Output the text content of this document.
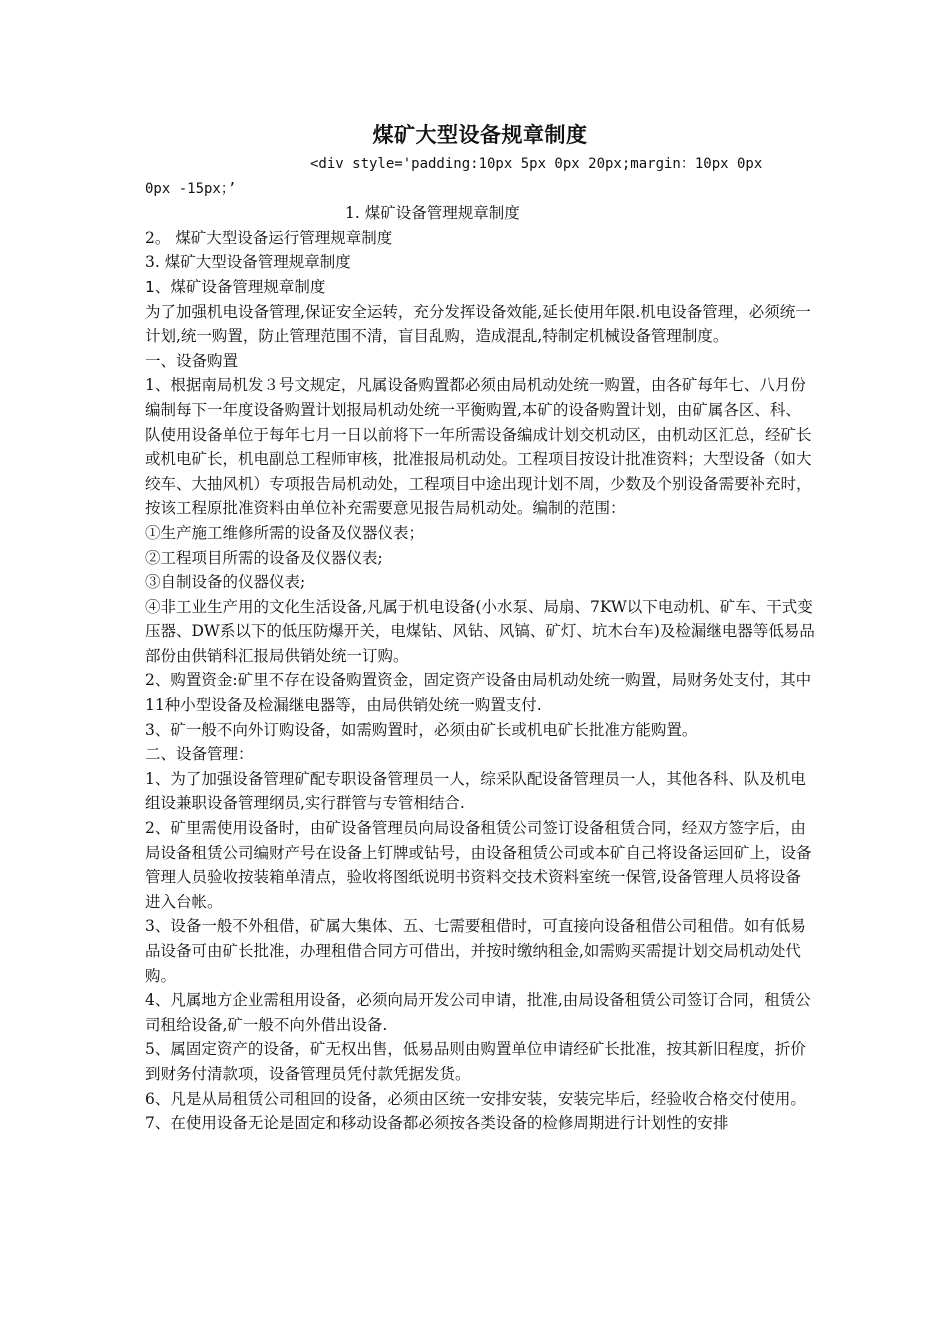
煤矿大型设备规章制度
<div style='padding:10px 5px 0px 20px;margin：10px 0px
0px -15px；’
1. 煤矿设备管理规章制度
2。 煤矿大型设备运行管理规章制度
3. 煤矿大型设备管理规章制度
1、煤矿设备管理规章制度

为了加强机电设备管理,保证安全运转，充分发挥设备效能,延长使用年限.机电设备管理，必须统一计划,统一购置，防止管理范围不清，盲目乱购，造成混乱,特制定机械设备管理制度。

一、设备购置

1、根据南局机发３号文规定，凡属设备购置都必须由局机动处统一购置，由各矿每年七、八月份编制每下一年度设备购置计划报局机动处统一平衡购置,本矿的设备购置计划，由矿属各区、科、队使用设备单位于每年七月一日以前将下一年所需设备编成计划交机动区，由机动区汇总，经矿长或机电矿长，机电副总工程师审核，批准报局机动处。工程项目按设计批准资料；大型设备（如大绞车、大抽风机）专项报告局机动处，工程项目中途出现计划不周，少数及个别设备需要补充时，按该工程原批准资料由单位补充需要意见报告局机动处。编制的范围：

①生产施工维修所需的设备及仪器仪表；

②工程项目所需的设备及仪器仪表;

③自制设备的仪器仪表;

④非工业生产用的文化生活设备,凡属于机电设备(小水泵、局扇、7KW以下电动机、矿车、干式变压器、DW系以下的低压防爆开关，电煤钻、风钻、风镐、矿灯、坑木台车)及检漏继电器等低易品部份由供销科汇报局供销处统一订购。

2、购置资金:矿里不存在设备购置资金，固定资产设备由局机动处统一购置，局财务处支付，其中11种小型设备及检漏继电器等，由局供销处统一购置支付.

3、矿一般不向外订购设备，如需购置时，必须由矿长或机电矿长批准方能购置。

二、设备管理：

1、为了加强设备管理矿配专职设备管理员一人，综采队配设备管理员一人，其他各科、队及机电组设兼职设备管理纲员,实行群管与专管相结合.

2、矿里需使用设备时，由矿设备管理员向局设备租赁公司签订设备租赁合同，经双方签字后，由局设备租赁公司编财产号在设备上钉牌或钻号，由设备租赁公司或本矿自己将设备运回矿上，设备管理人员验收按装箱单清点，验收将图纸说明书资料交技术资料室统一保管,设备管理人员将设备进入台帐。

3、设备一般不外租借，矿属大集体、五、七需要租借时，可直接向设备租借公司租借。如有低易品设备可由矿长批准，办理租借合同方可借出，并按时缴纳租金,如需购买需提计划交局机动处代购。

4、凡属地方企业需租用设备，必须向局开发公司申请，批准,由局设备租赁公司签订合同，租赁公司租给设备,矿一般不向外借出设备.

5、属固定资产的设备，矿无权出售，低易品则由购置单位申请经矿长批准，按其新旧程度，折价到财务付清款项，设备管理员凭付款凭据发货。

6、凡是从局租赁公司租回的设备，必须由区统一安排安装，安装完毕后，经验收合格交付使用。

7、在使用设备无论是固定和移动设备都必须按各类设备的检修周期进行计划性的安排
